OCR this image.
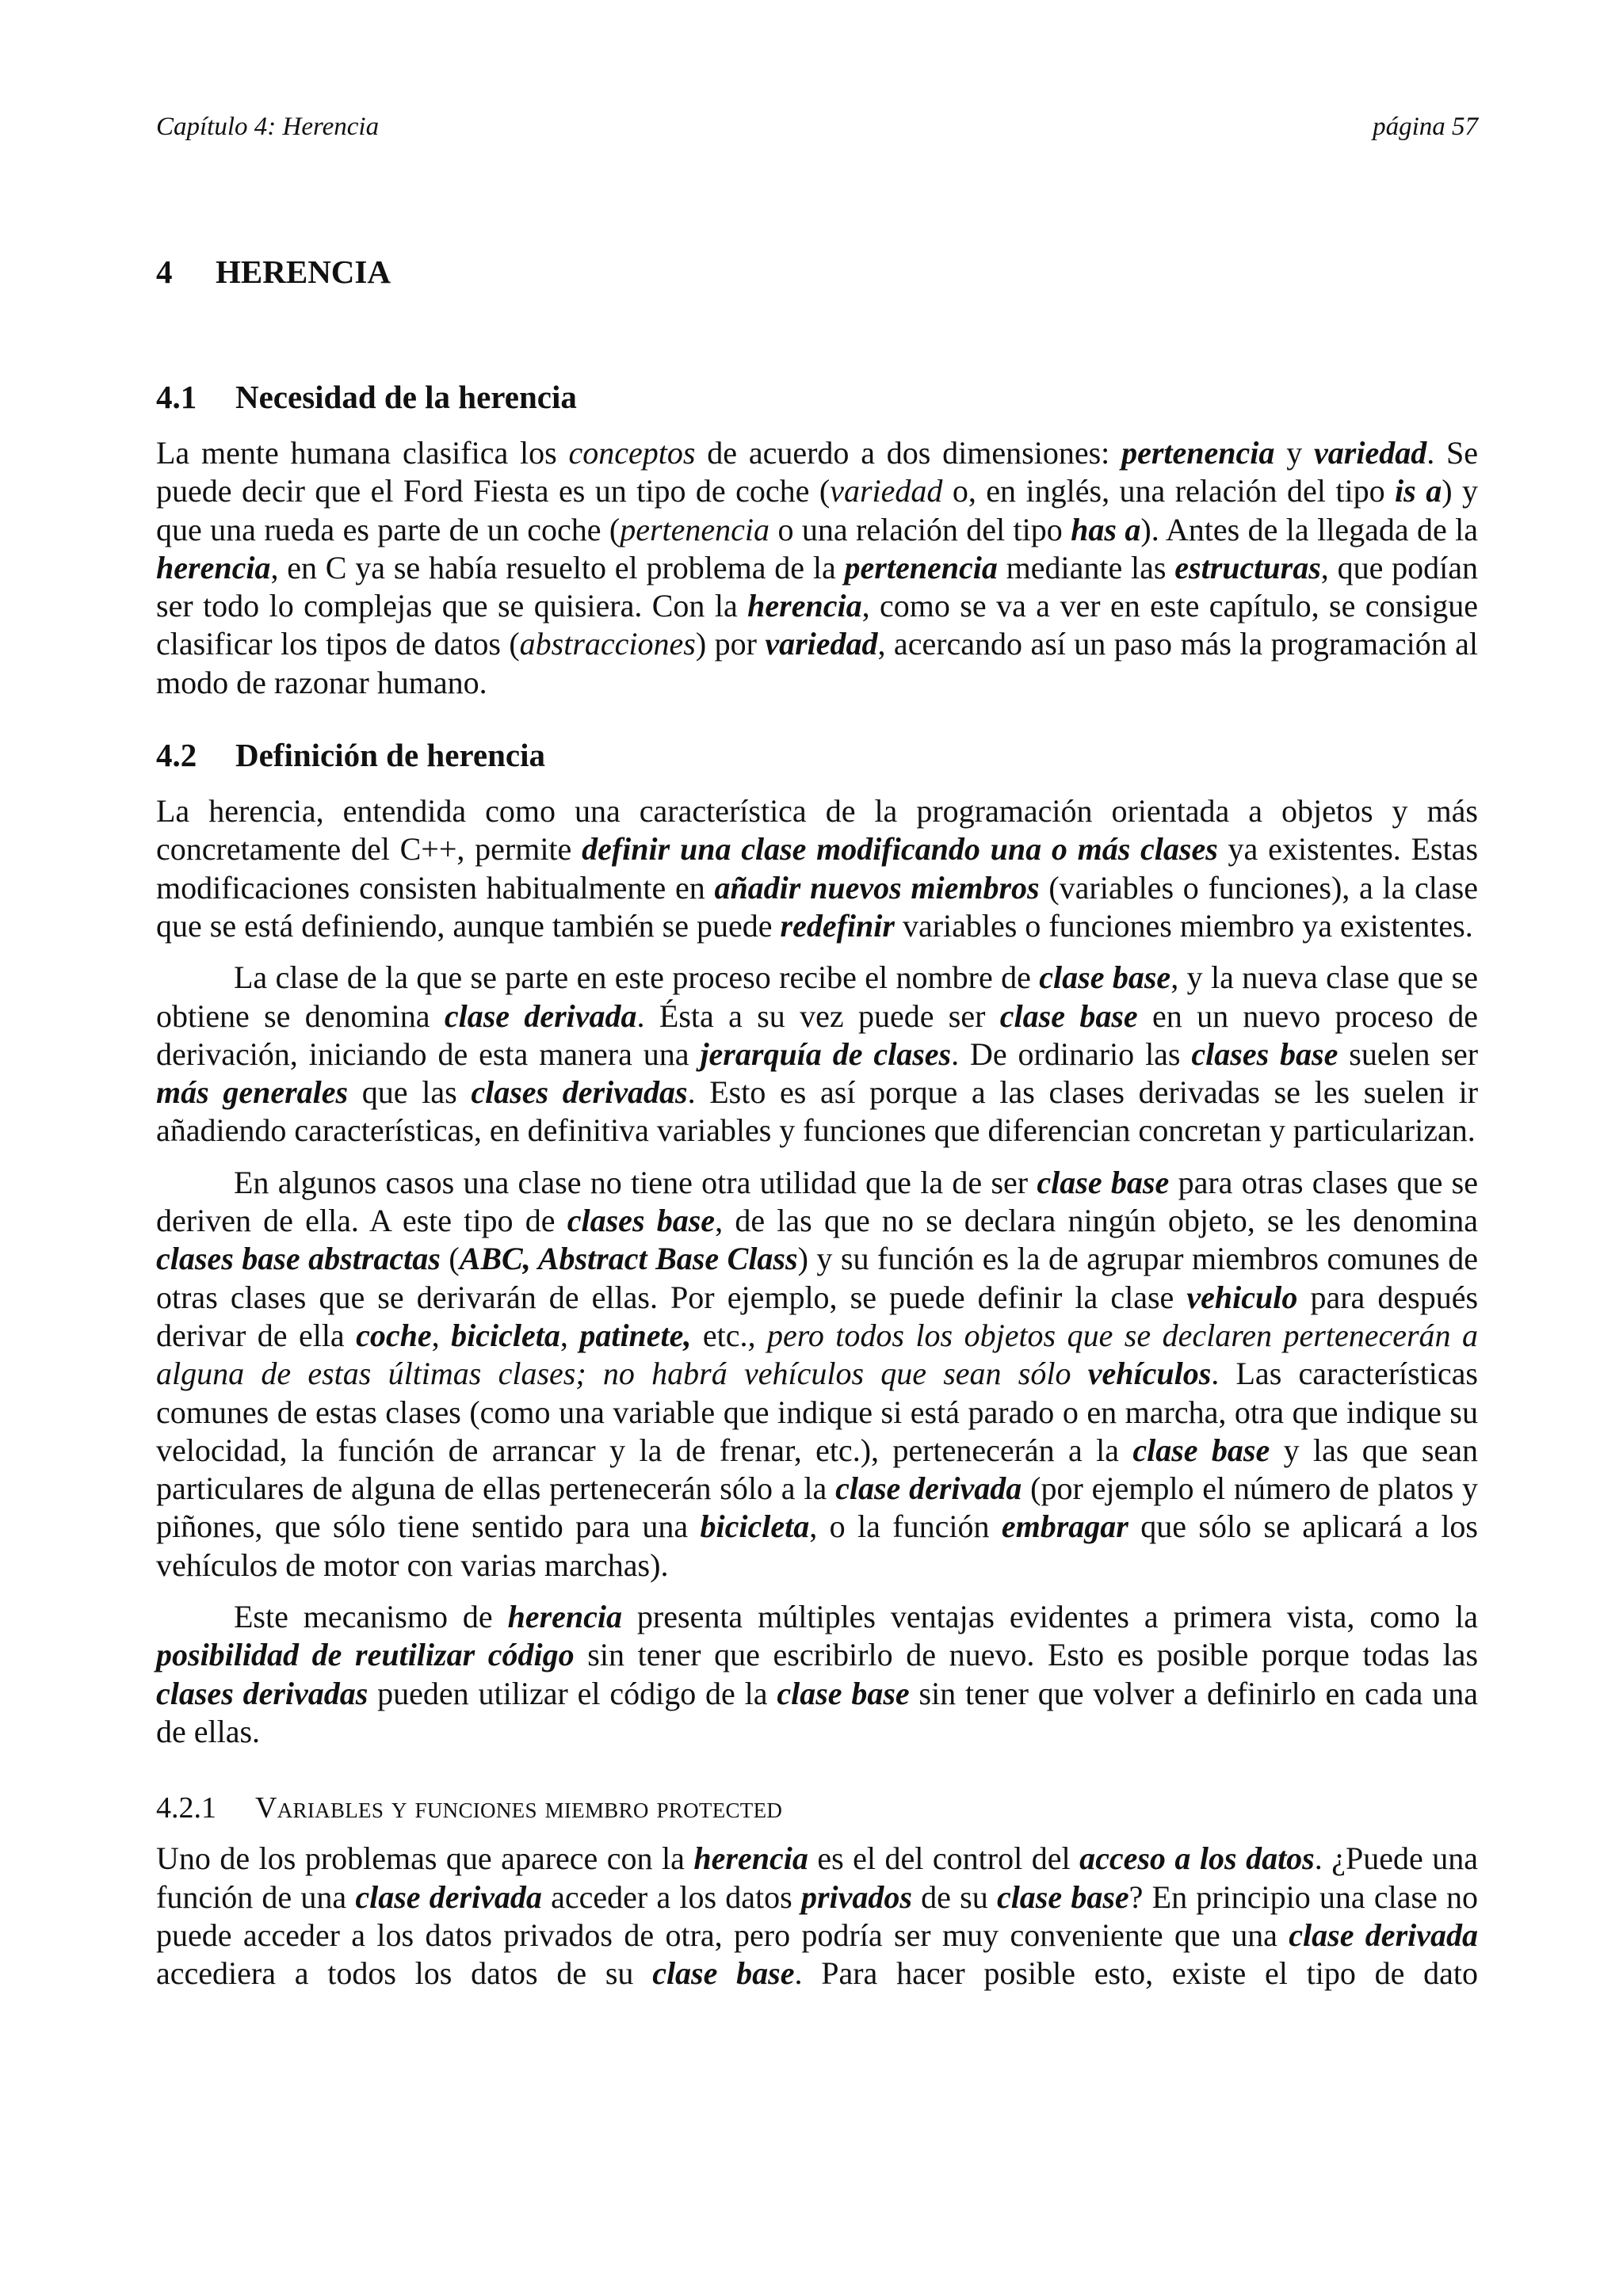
Capítulo 4: Herencia	página 57
4	HERENCIA
4.1	Necesidad de la herencia

La mente humana clasifica los conceptos de acuerdo a dos dimensiones: pertenencia y variedad. Se puede decir que el Ford Fiesta es un tipo de coche (variedad o, en inglés, una relación del tipo is a) y que una rueda es parte de un coche (pertenencia o una relación del tipo has a). Antes de la llegada de la herencia, en C ya se había resuelto el problema de la pertenencia mediante las estructuras, que podían ser todo lo complejas que se quisiera. Con la herencia, como se va a ver en este capítulo, se consigue clasificar los tipos de datos (abstracciones) por variedad, acercando así un paso más la programación al modo de razonar humano.

4.2	Definición de herencia

La herencia, entendida como una característica de la programación orientada a objetos y más concretamente del C++, permite definir una clase modificando una o más clases ya existentes. Estas modificaciones consisten habitualmente en añadir nuevos miembros (variables o funciones), a la clase que se está definiendo, aunque también se puede redefinir variables o funciones miembro ya existentes.

La clase de la que se parte en este proceso recibe el nombre de clase base, y la nueva clase que se obtiene se denomina clase derivada. Ésta a su vez puede ser clase base en un nuevo proceso de derivación, iniciando de esta manera una jerarquía de clases. De ordinario las clases base suelen ser más generales que las clases derivadas. Esto es así porque a las clases derivadas se les suelen ir añadiendo características, en definitiva variables y funciones que diferencian concretan y particularizan.

En algunos casos una clase no tiene otra utilidad que la de ser clase base para otras clases que se deriven de ella. A este tipo de clases base, de las que no se declara ningún objeto, se les denomina clases base abstractas (ABC, Abstract Base Class) y su función es la de agrupar miembros comunes de otras clases que se derivarán de ellas. Por ejemplo, se puede definir la clase vehiculo para después derivar de ella coche, bicicleta, patinete, etc., pero todos los objetos que se declaren pertenecerán a alguna de estas últimas clases; no habrá vehículos que sean sólo vehículos. Las características comunes de estas clases (como una variable que indique si está parado o en marcha, otra que indique su velocidad, la función de arrancar y la de frenar, etc.), pertenecerán a la clase base y las que sean particulares de alguna de ellas pertenecerán sólo a la clase derivada (por ejemplo el número de platos y piñones, que sólo tiene sentido para una bicicleta, o la función embragar que sólo se aplicará a los vehículos de motor con varias marchas).

Este mecanismo de herencia presenta múltiples ventajas evidentes a primera vista, como la posibilidad de reutilizar código sin tener que escribirlo de nuevo. Esto es posible porque todas las clases derivadas pueden utilizar el código de la clase base sin tener que volver a definirlo en cada una de ellas.

4.2.1	Variables y funciones miembro protected

Uno de los problemas que aparece con la herencia es el del control del acceso a los datos. ¿Puede una función de una clase derivada acceder a los datos privados de su clase base? En principio una clase no puede acceder a los datos privados de otra, pero podría ser muy conveniente que una clase derivada accediera a todos los datos de su clase base. Para hacer posible esto, existe el tipo de dato
